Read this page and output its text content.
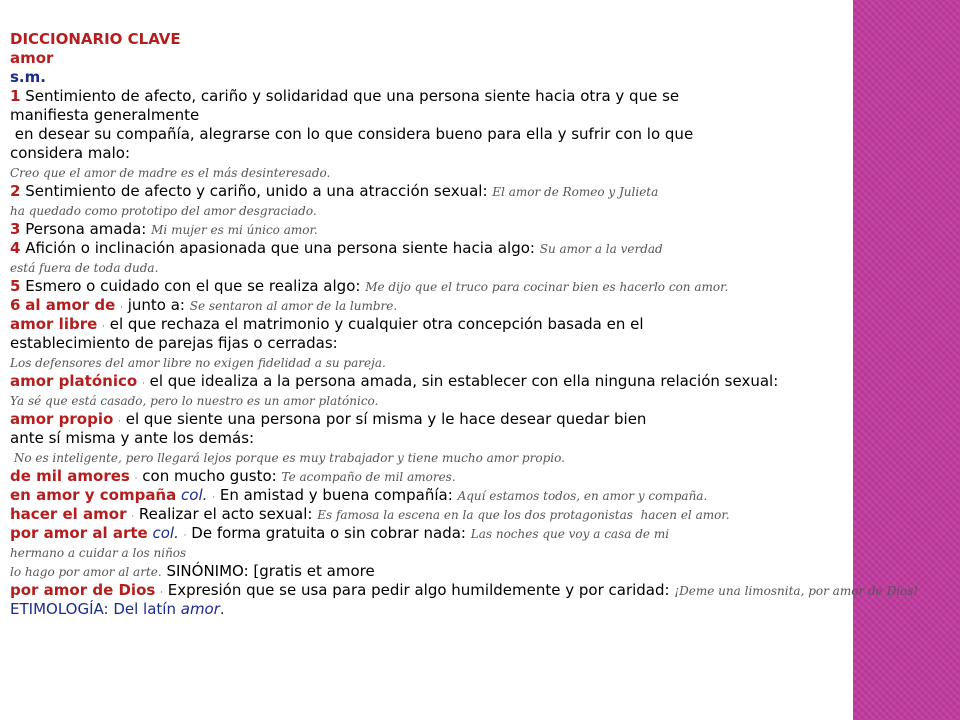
DICCIONARIO CLAVE
amor
s.m.
1 Sentimiento de afecto, cariño y solidaridad que una persona siente hacia otra y que se
manifiesta generalmente
en desear su compañía, alegrarse con lo que considera bueno para ella y sufrir con lo que
considera malo:
Creo que el amor de madre es el más desinteresado.
2 Sentimiento de afecto y cariño, unido a una atracción sexual: El amor de Romeo y Julieta
ha quedado como prototipo del amor desgraciado.
3 Persona amada: Mi mujer es mi único amor.
4 Afición o inclinación apasionada que una persona siente hacia algo: Su amor a la verdad
está fuera de toda duda.
5 Esmero o cuidado con el que se realiza algo: Me dijo que el truco para cocinar bien es hacerlo con amor.
6 al amor de · junto a: Se sentaron al amor de la lumbre.
amor libre · el que rechaza el matrimonio y cualquier otra concepción basada en el
establecimiento de parejas fijas o cerradas:
Los defensores del amor libre no exigen fidelidad a su pareja.
amor platónico · el que idealiza a la persona amada, sin establecer con ella ninguna relación sexual:
Ya sé que está casado, pero lo nuestro es un amor platónico.
amor propio · el que siente una persona por sí misma y le hace desear quedar bien
ante sí misma y ante los demás:
No es inteligente, pero llegará lejos porque es muy trabajador y tiene mucho amor propio.
de mil amores · con mucho gusto: Te acompaño de mil amores.
en amor y compaña col. · En amistad y buena compañía: Aquí estamos todos, en amor y compaña.
hacer el amor · Realizar el acto sexual: Es famosa la escena en la que los dos protagonistas  hacen el amor.
por amor al arte col. · De forma gratuita o sin cobrar nada: Las noches que voy a casa de mi
hermano a cuidar a los niños
lo hago por amor al arte. SINÓNIMO: [gratis et amore
por amor de Dios · Expresión que se usa para pedir algo humildemente y por caridad: ¡Deme una limosnita, por amor de Dios!
ETIMOLOGÍA: Del latín amor.
